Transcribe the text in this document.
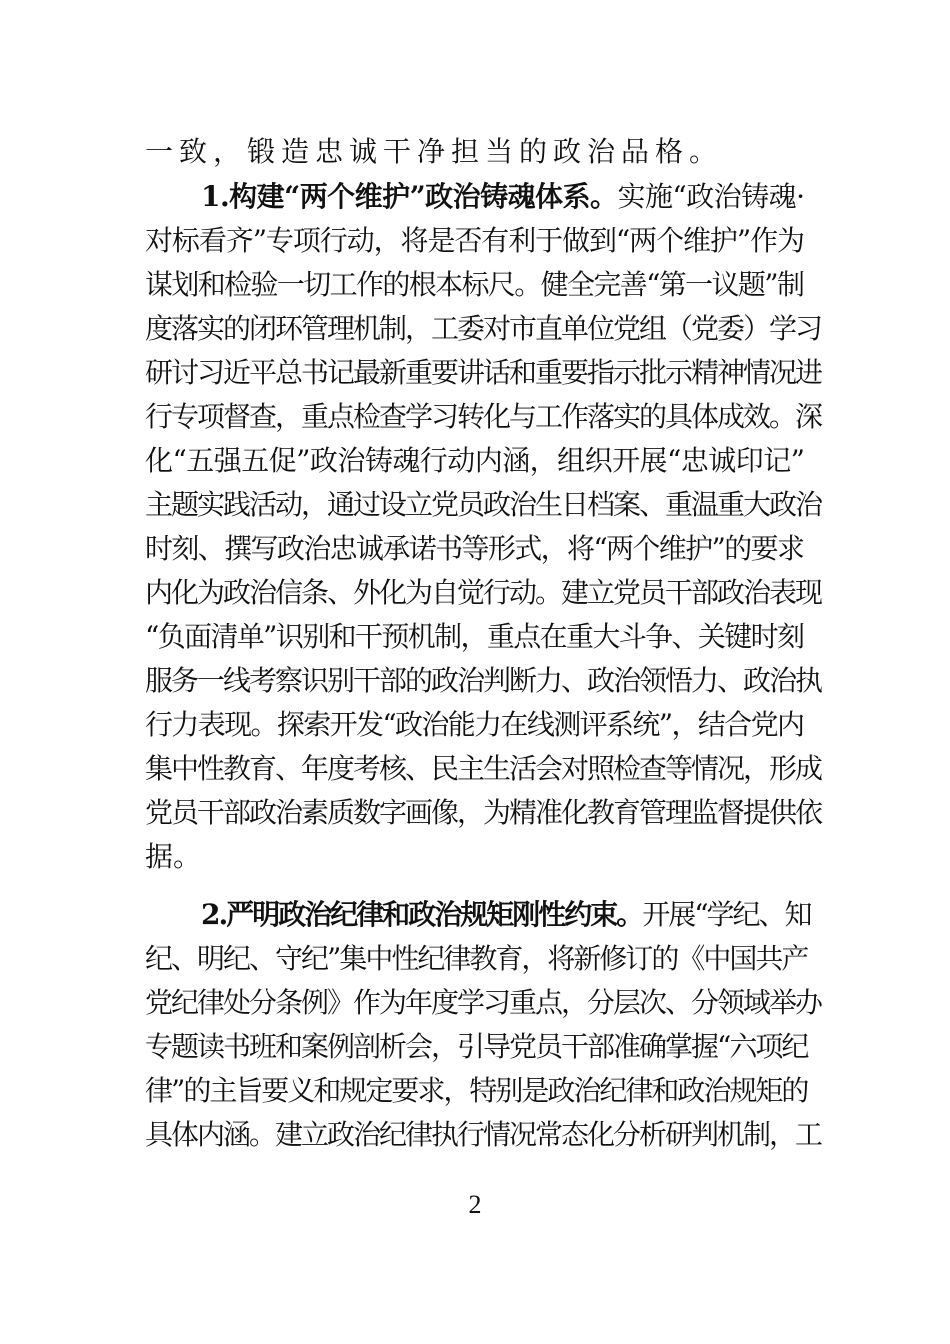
一致，锻造忠诚干净担当的政治品格。
1.构建“两个维护”政治铸魂体系。 实施“政治铸魂·
对标看齐”专项行动，将是否有利于做到“两个维护”作为
谋划和检验一切工作的根本标尺。健全完善“第一议题”制
度落实的闭环管理机制，工委对市直单位党组（党委）学习
研讨习近平总书记最新重要讲话和重要指示批示精神情况进
行专项督查，重点检查学习转化与工作落实的具体成效。深
化“五强五促”政治铸魂行动内涵，组织开展“忠诚印记”
主题实践活动，通过设立党员政治生日档案、重温重大政治
时刻、撰写政治忠诚承诺书等形式，将“两个维护”的要求
内化为政治信条、外化为自觉行动。建立党员干部政治表现
“负面清单”识别和干预机制，重点在重大斗争、关键时刻
服务一线考察识别干部的政治判断力、政治领悟力、政治执
行力表现。探索开发“政治能力在线测评系统”，结合党内
集中性教育、年度考核、民主生活会对照检查等情况，形成
党员干部政治素质数字画像，为精准化教育管理监督提供依
据。
2.严明政治纪律和政治规矩刚性约束。 开展“学纪、知
纪、明纪、守纪”集中性纪律教育，将新修订的《中国共产
党纪律处分条例》作为年度学习重点，分层次、分领域举办
专题读书班和案例剖析会，引导党员干部准确掌握“六项纪
律”的主旨要义和规定要求，特别是政治纪律和政治规矩的
具体内涵。建立政治纪律执行情况常态化分析研判机制，工
2
